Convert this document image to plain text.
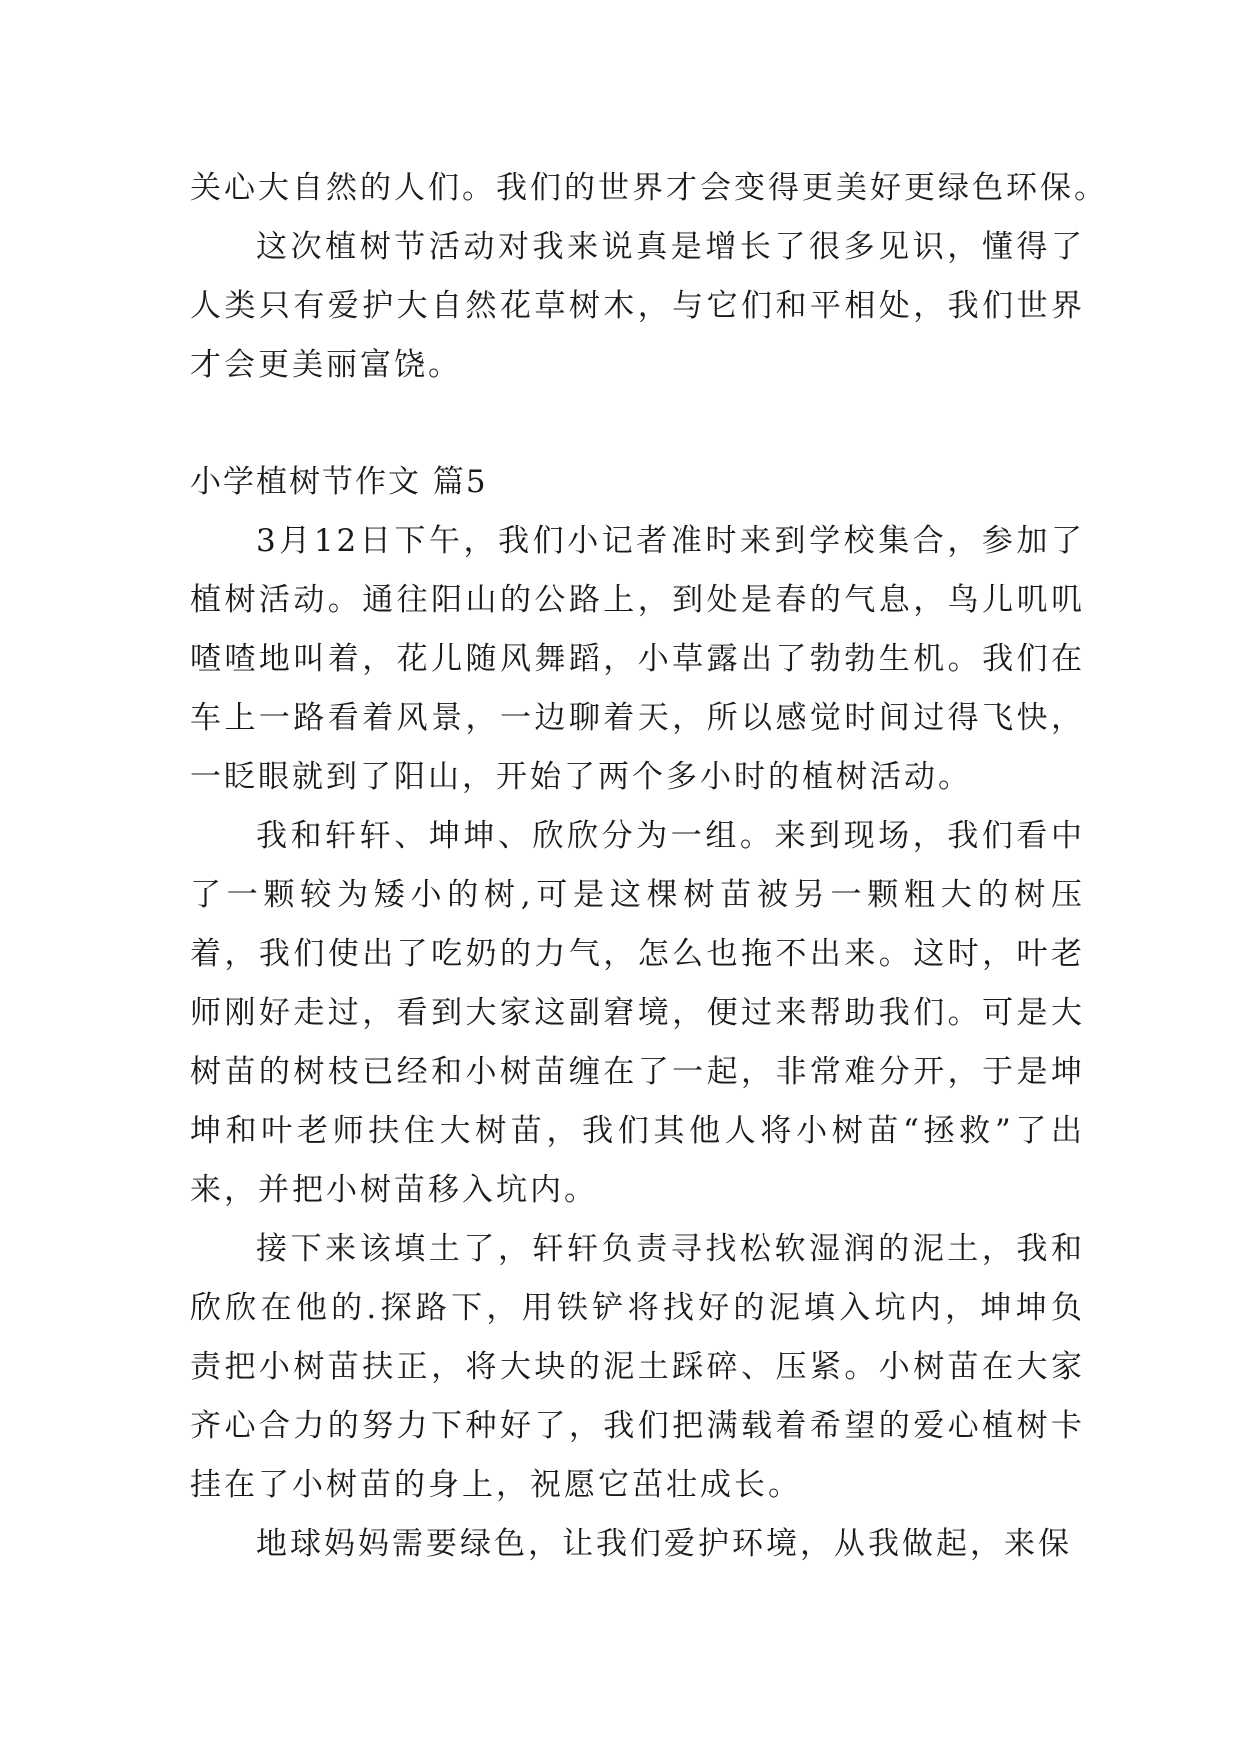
关心大自然的人们。我们的世界才会变得更美好更绿色环保。

这次植树节活动对我来说真是增长了很多见识，懂得了人类只有爱护大自然花草树木，与它们和平相处，我们世界才会更美丽富饶。

小学植树节作文 篇5

3月12日下午，我们小记者准时来到学校集合，参加了植树活动。通往阳山的公路上，到处是春的气息，鸟儿叽叽喳喳地叫着，花儿随风舞蹈，小草露出了勃勃生机。我们在车上一路看着风景，一边聊着天，所以感觉时间过得飞快，一眨眼就到了阳山，开始了两个多小时的植树活动。

我和轩轩、坤坤、欣欣分为一组。来到现场，我们看中了一颗较为矮小的树,可是这棵树苗被另一颗粗大的树压着，我们使出了吃奶的力气，怎么也拖不出来。这时，叶老师刚好走过，看到大家这副窘境，便过来帮助我们。可是大树苗的树枝已经和小树苗缠在了一起，非常难分开，于是坤坤和叶老师扶住大树苗，我们其他人将小树苗“拯救”了出来，并把小树苗移入坑内。

接下来该填土了，轩轩负责寻找松软湿润的泥土，我和欣欣在他的.探路下，用铁铲将找好的泥填入坑内，坤坤负责把小树苗扶正，将大块的泥土踩碎、压紧。小树苗在大家齐心合力的努力下种好了，我们把满载着希望的爱心植树卡挂在了小树苗的身上，祝愿它茁壮成长。

地球妈妈需要绿色，让我们爱护环境，从我做起，来保
